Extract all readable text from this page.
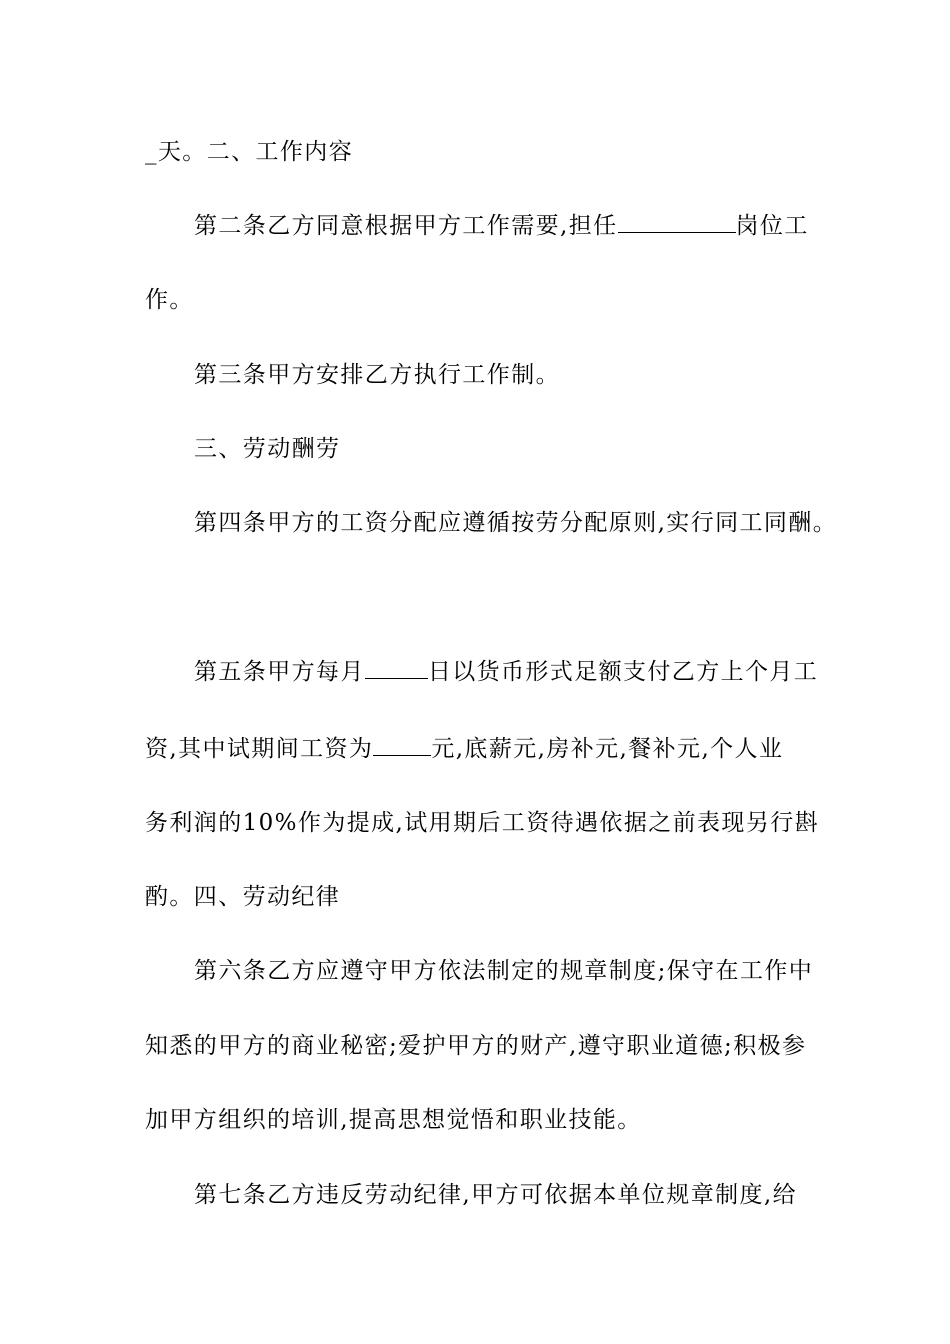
_天。二、工作内容
第二条乙方同意根据甲方工作需要,担任	岗位工
作。
第三条甲方安排乙方执行工作制。
三、劳动酬劳
第四条甲方的工资分配应遵循按劳分配原则,实行同工同酬。
第五条甲方每月	日以货币形式足额支付乙方上个月工
资,其中试期间工资为	元,底薪元,房补元,餐补元,个人业
务利润的10%作为提成,试用期后工资待遇依据之前表现另行斟
酌。四、劳动纪律
第六条乙方应遵守甲方依法制定的规章制度;保守在工作中
知悉的甲方的商业秘密;爱护甲方的财产,遵守职业道德;积极参
加甲方组织的培训,提高思想觉悟和职业技能。
第七条乙方违反劳动纪律,甲方可依据本单位规章制度,给
